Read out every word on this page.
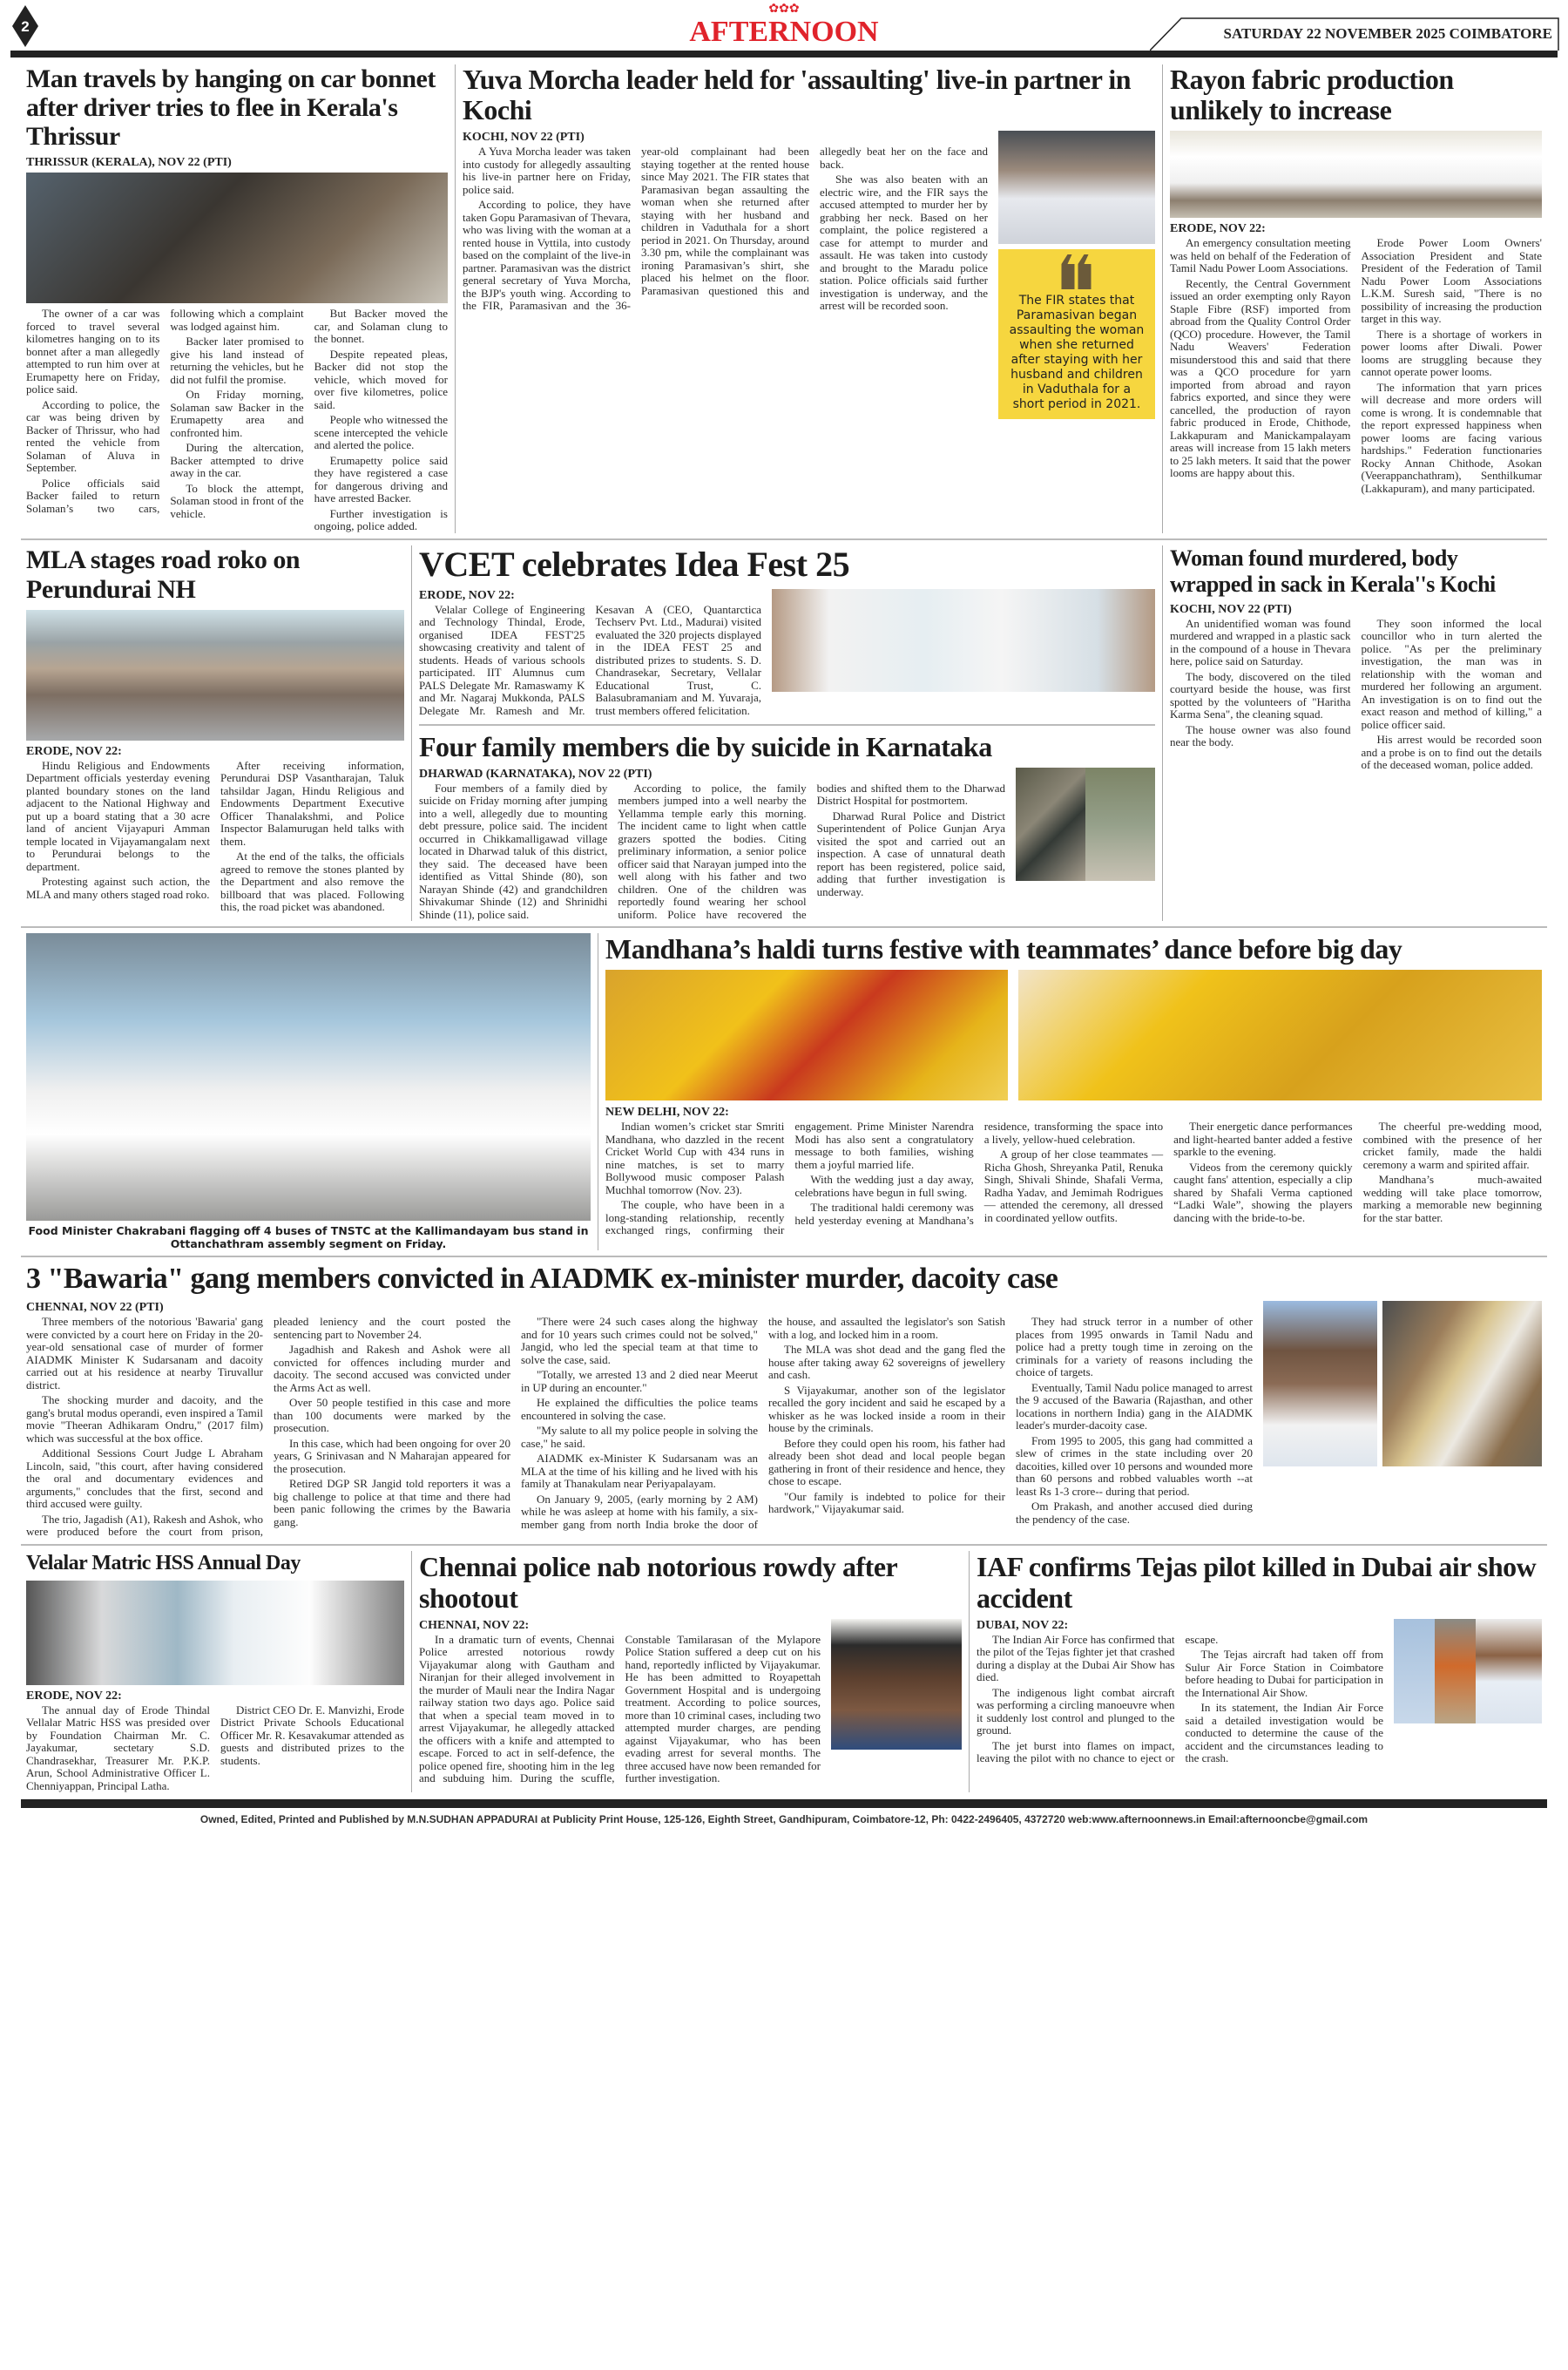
2
✿✿✿
AFTERNOON	SATURDAY 22 NOVEMBER 2025 COIMBATORE
Man travels by hanging on car bonnet after driver tries to flee in Kerala's Thrissur
THRISSUR (KERALA), NOV 22 (PTI)

The owner of a car was forced to travel several kilometres hanging on to its bonnet after a man allegedly attempted to run him over at Erumapetty here on Friday, police said.

According to police, the car was being driven by Backer of Thrissur, who had rented the vehicle from Solaman of Aluva in September.

Police officials said Backer failed to return Solaman’s two cars, following which a complaint was lodged against him.

Backer later promised to give his land instead of returning the vehicles, but he did not fulfil the promise.

On Friday morning, Solaman saw Backer in the Erumapetty area and confronted him.

During the altercation, Backer attempted to drive away in the car.

To block the attempt, Solaman stood in front of the vehicle.

But Backer moved the car, and Solaman clung to the bonnet.

Despite repeated pleas, Backer did not stop the vehicle, which moved for over five kilometres, police said.

People who witnessed the scene intercepted the vehicle and alerted the police.

Erumapetty police said they have registered a case for dangerous driving and have arrested Backer.

Further investigation is ongoing, police added.

Yuva Morcha leader held for 'assaulting' live-in partner in Kochi
KOCHI, NOV 22 (PTI)

A Yuva Morcha leader was taken into custody for allegedly assaulting his live-in partner here on Friday, police said.

According to police, they have taken Gopu Paramasivan of Thevara, who was living with the woman at a rented house in Vyttila, into custody based on the complaint of the live-in partner. Paramasivan was the district general secretary of Yuva Morcha, the BJP's youth wing. According to the FIR, Paramasivan and the 36-year-old complainant had been staying together at the rented house since May 2021. The FIR states that Paramasivan began assaulting the woman when she returned after staying with her husband and children in Vaduthala for a short period in 2021. On Thursday, around 3.30 pm, while the complainant was ironing Paramasivan’s shirt, she placed his helmet on the floor. Paramasivan questioned this and allegedly beat her on the face and back.

She was also beaten with an electric wire, and the FIR says the accused attempted to murder her by grabbing her neck. Based on her complaint, the police registered a case for attempt to murder and assault. He was taken into custody and brought to the Maradu police station. Police officials said further investigation is underway, and the arrest will be recorded soon.	The FIR states that Paramasivan began assaulting the woman when she returned after staying with her husband and children in Vaduthala for a short period in 2021.
Rayon fabric production unlikely to increase
ERODE, NOV 22:

An emergency consultation meeting was held on behalf of the Federation of Tamil Nadu Power Loom Associations.

Recently, the Central Government issued an order exempting only Rayon Staple Fibre (RSF) imported from abroad from the Quality Control Order (QCO) procedure. However, the Tamil Nadu Weavers' Federation misunderstood this and said that there was a QCO procedure for yarn imported from abroad and rayon fabrics exported, and since they were cancelled, the production of rayon fabric produced in Erode, Chithode, Lakkapuram and Manickampalayam areas will increase from 15 lakh meters to 25 lakh meters. It said that the power looms are happy about this.

Erode Power Loom Owners' Association President and State President of the Federation of Tamil Nadu Power Loom Associations L.K.M. Suresh said, "There is no possibility of increasing the production target in this way.

There is a shortage of workers in power looms after Diwali. Power looms are struggling because they cannot operate power looms.

The information that yarn prices will decrease and more orders will come is wrong. It is condemnable that the report expressed happiness when power looms are facing various hardships." Federation functionaries Rocky Annan Chithode, Asokan (Veerappanchathram), Senthilkumar (Lakkapuram), and many participated.

MLA stages road roko on Perundurai NH
ERODE, NOV 22:

Hindu Religious and Endowments Department officials yesterday evening planted boundary stones on the land adjacent to the National Highway and put up a board stating that a 30 acre land of ancient Vijayapuri Amman temple located in Vijayamangalam next to Perundurai belongs to the department.

Protesting against such action, the MLA and many others staged road roko.

After receiving information, Perundurai DSP Vasantharajan, Taluk tahsildar Jagan, Hindu Religious and Endowments Department Executive Officer Thanalakshmi, and Police Inspector Balamurugan held talks with them.

At the end of the talks, the officials agreed to remove the stones planted by the Department and also remove the billboard that was placed. Following this, the road picket was abandoned.

VCET celebrates Idea Fest 25
ERODE, NOV 22:

Velalar College of Engineering and Technology Thindal, Erode, organised IDEA FEST'25 showcasing creativity and talent of students. Heads of various schools participated. IIT Alumnus cum PALS Delegate Mr. Ramaswamy K and Mr. Nagaraj Mukkonda, PALS Delegate Mr. Ramesh and Mr. Kesavan A (CEO, Quantarctica Techserv Pvt. Ltd., Madurai) visited evaluated the 320 projects displayed in the IDEA FEST 25 and distributed prizes to students. S. D. Chandrasekar, Secretary, Vellalar Educational Trust, C. Balasubramaniam and M. Yuvaraja, trust members offered felicitation.

Four family members die by suicide in Karnataka
DHARWAD (KARNATAKA), NOV 22 (PTI)

Four members of a family died by suicide on Friday morning after jumping into a well, allegedly due to mounting debt pressure, police said. The incident occurred in Chikkamalligawad village located in Dharwad taluk of this district, they said. The deceased have been identified as Vittal Shinde (80), son Narayan Shinde (42) and grandchildren Shivakumar Shinde (12) and Shrinidhi Shinde (11), police said.

According to police, the family members jumped into a well nearby the Yellamma temple early this morning. The incident came to light when cattle grazers spotted the bodies. Citing preliminary information, a senior police officer said that Narayan jumped into the well along with his father and two children. One of the children was reportedly found wearing her school uniform. Police have recovered the bodies and shifted them to the Dharwad District Hospital for postmortem.

Dharwad Rural Police and District Superintendent of Police Gunjan Arya visited the spot and carried out an inspection. A case of unnatural death report has been registered, police said, adding that further investigation is underway.

Woman found murdered, body wrapped in sack in Kerala''s Kochi
KOCHI, NOV 22 (PTI)

An unidentified woman was found murdered and wrapped in a plastic sack in the compound of a house in Thevara here, police said on Saturday.

The body, discovered on the tiled courtyard beside the house, was first spotted by the volunteers of "Haritha Karma Sena", the cleaning squad.

The house owner was also found near the body.

They soon informed the local councillor who in turn alerted the police. "As per the preliminary investigation, the man was in relationship with the woman and murdered her following an argument. An investigation is on to find out the exact reason and method of killing," a police officer said.

His arrest would be recorded soon and a probe is on to find out the details of the deceased woman, police added.

Food Minister Chakrabani flagging off 4 buses of TNSTC at the Kallimandayam bus stand in Ottanchathram assembly segment on Friday.
Mandhana’s haldi turns festive with teammates’ dance before big day
NEW DELHI, NOV 22:

Indian women’s cricket star Smriti Mandhana, who dazzled in the recent Cricket World Cup with 434 runs in nine matches, is set to marry Bollywood music composer Palash Muchhal tomorrow (Nov. 23).

The couple, who have been in a long-standing relationship, recently exchanged rings, confirming their engagement. Prime Minister Narendra Modi has also sent a congratulatory message to both families, wishing them a joyful married life.

With the wedding just a day away, celebrations have begun in full swing.

The traditional haldi ceremony was held yesterday evening at Mandhana’s residence, transforming the space into a lively, yellow-hued celebration.

A group of her close teammates — Richa Ghosh, Shreyanka Patil, Renuka Singh, Shivali Shinde, Shafali Verma, Radha Yadav, and Jemimah Rodrigues — attended the ceremony, all dressed in coordinated yellow outfits.

Their energetic dance performances and light-hearted banter added a festive sparkle to the evening.

Videos from the ceremony quickly caught fans' attention, especially a clip shared by Shafali Verma captioned “Ladki Wale”, showing the players dancing with the bride-to-be.

The cheerful pre-wedding mood, combined with the presence of her cricket family, made the haldi ceremony a warm and spirited affair.

Mandhana’s much-awaited wedding will take place tomorrow, marking a memorable new beginning for the star batter.

3 "Bawaria" gang members convicted in AIADMK ex-minister murder, dacoity case
CHENNAI, NOV 22 (PTI)

Three members of the notorious 'Bawaria' gang were convicted by a court here on Friday in the 20-year-old sensational case of murder of former AIADMK Minister K Sudarsanam and dacoity carried out at his residence at nearby Tiruvallur district.

The shocking murder and dacoity, and the gang's brutal modus operandi, even inspired a Tamil movie "Theeran Adhikaram Ondru," (2017 film) which was successful at the box office.

Additional Sessions Court Judge L Abraham Lincoln, said, "this court, after having considered the oral and documentary evidences and arguments," concludes that the first, second and third accused were guilty.

The trio, Jagadish (A1), Rakesh and Ashok, who were produced before the court from prison, pleaded leniency and the court posted the sentencing part to November 24.

Jagadhish and Rakesh and Ashok were all convicted for offences including murder and dacoity. The second accused was convicted under the Arms Act as well.

Over 50 people testified in this case and more than 100 documents were marked by the prosecution.

In this case, which had been ongoing for over 20 years, G Srinivasan and N Maharajan appeared for the prosecution.

Retired DGP SR Jangid told reporters it was a big challenge to police at that time and there had been panic following the crimes by the Bawaria gang.

"There were 24 such cases along the highway and for 10 years such crimes could not be solved," Jangid, who led the special team at that time to solve the case, said.

"Totally, we arrested 13 and 2 died near Meerut in UP during an encounter."

He explained the difficulties the police teams encountered in solving the case.

"My salute to all my police people in solving the case," he said.

AIADMK ex-Minister K Sudarsanam was an MLA at the time of his killing and he lived with his family at Thanakulam near Periyapalayam.

On January 9, 2005, (early morning by 2 AM) while he was asleep at home with his family, a six-member gang from north India broke the door of the house, and assaulted the legislator's son Satish with a log, and locked him in a room.

The MLA was shot dead and the gang fled the house after taking away 62 sovereigns of jewellery and cash.

S Vijayakumar, another son of the legislator recalled the gory incident and said he escaped by a whisker as he was locked inside a room in their house by the criminals.

Before they could open his room, his father had already been shot dead and local people began gathering in front of their residence and hence, they chose to escape.

"Our family is indebted to police for their hardwork," Vijayakumar said.

They had struck terror in a number of other places from 1995 onwards in Tamil Nadu and police had a pretty tough time in zeroing on the criminals for a variety of reasons including the choice of targets.

Eventually, Tamil Nadu police managed to arrest the 9 accused of the Bawaria (Rajasthan, and other locations in northern India) gang in the AIADMK leader's murder-dacoity case.

From 1995 to 2005, this gang had committed a slew of crimes in the state including over 20 dacoities, killed over 10 persons and wounded more than 60 persons and robbed valuables worth --at least Rs 1-3 crore-- during that period.

Om Prakash, and another accused died during the pendency of the case.

Velalar Matric HSS Annual Day
ERODE, NOV 22:

The annual day of Erode Thindal Vellalar Matric HSS was presided over by Foundation Chairman Mr. C. Jayakumar, sectetary S.D. Chandrasekhar, Treasurer Mr. P.K.P. Arun, School Administrative Officer L. Chenniyappan, Principal Latha.

District CEO Dr. E. Manvizhi, Erode District Private Schools Educational Officer Mr. R. Kesavakumar attended as guests and distributed prizes to the students.

Chennai police nab notorious rowdy after shootout
CHENNAI, NOV 22:

In a dramatic turn of events, Chennai Police arrested notorious rowdy Vijayakumar along with Gautham and Niranjan for their alleged involvement in the murder of Mauli near the Indira Nagar railway station two days ago. Police said that when a special team moved in to arrest Vijayakumar, he allegedly attacked the officers with a knife and attempted to escape. Forced to act in self-defence, the police opened fire, shooting him in the leg and subduing him. During the scuffle, Constable Tamilarasan of the Mylapore Police Station suffered a deep cut on his hand, reportedly inflicted by Vijayakumar. He has been admitted to Royapettah Government Hospital and is undergoing treatment. According to police sources, more than 10 criminal cases, including two attempted murder charges, are pending against Vijayakumar, who has been evading arrest for several months. The three accused have now been remanded for further investigation.

IAF confirms Tejas pilot killed in Dubai air show accident
DUBAI, NOV 22:

The Indian Air Force has confirmed that the pilot of the Tejas fighter jet that crashed during a display at the Dubai Air Show has died.

The indigenous light combat aircraft was performing a circling manoeuvre when it suddenly lost control and plunged to the ground.

The jet burst into flames on impact, leaving the pilot with no chance to eject or escape.

The Tejas aircraft had taken off from Sulur Air Force Station in Coimbatore before heading to Dubai for participation in the International Air Show.

In its statement, the Indian Air Force said a detailed investigation would be conducted to determine the cause of the accident and the circumstances leading to the crash.

Owned, Edited, Printed and Published by M.N.SUDHAN APPADURAI at Publicity Print House, 125-126, Eighth Street, Gandhipuram, Coimbatore-12, Ph: 0422-2496405, 4372720 web:www.afternoonnews.in Email:afternooncbe@gmail.com
